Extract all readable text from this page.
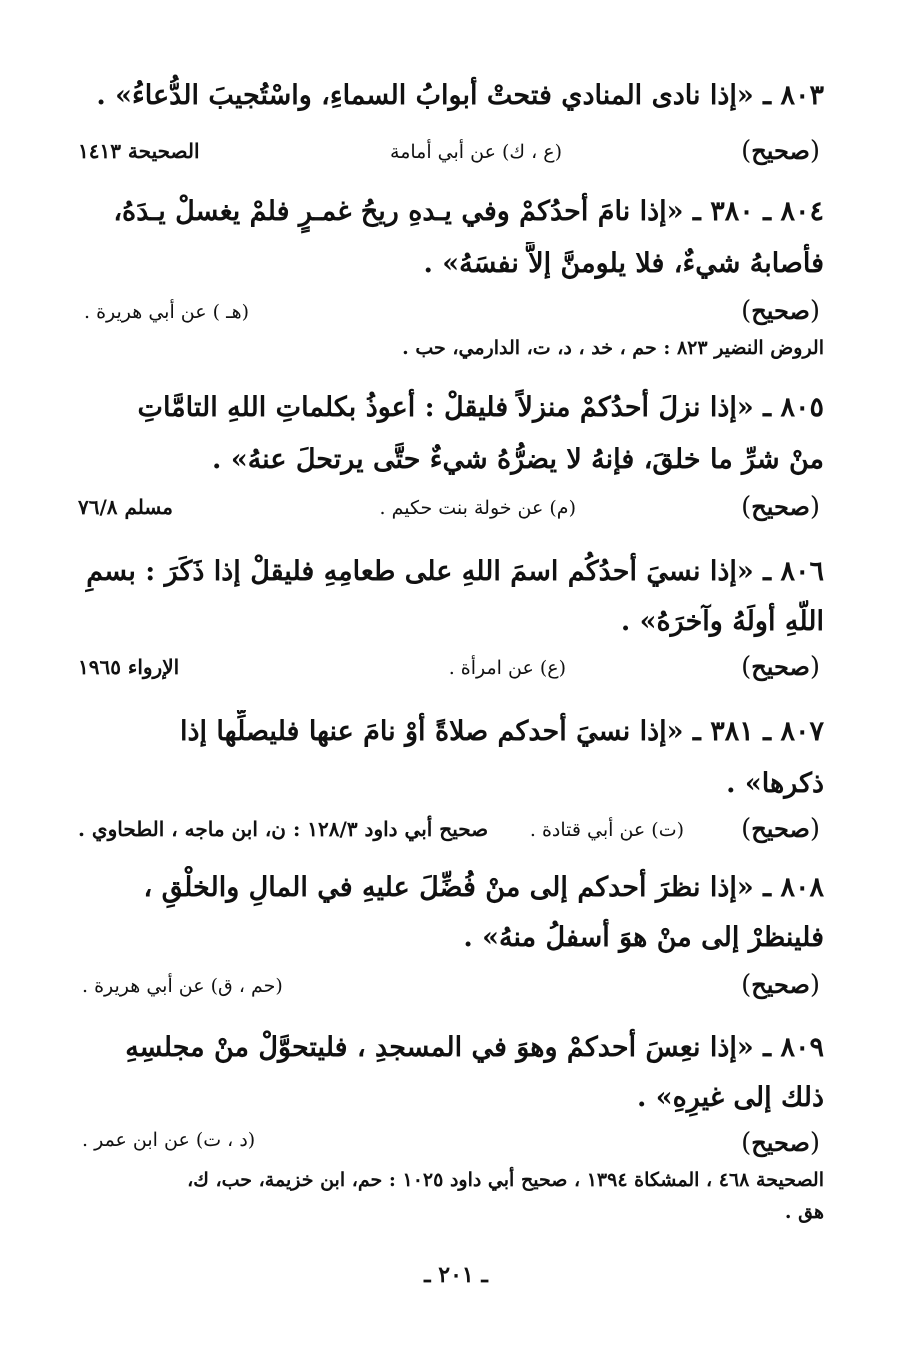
٨٠٣ ـ «إذا نادى المنادي فتحتْ أبوابُ السماءِ، واسْتُجيبَ الدُّعاءُ» .
(صحيح)
(ع ، ك) عن أبي أمامة
الصحيحة ١٤١٣
٨٠٤ ـ ٣٨٠ ـ «إذا نامَ أحدُكمْ وفي يـدهِ ريحُ غمـرٍ فلمْ يغسلْ يـدَهُ،
فأصابهُ شيءٌ، فلا يلومنَّ إلاَّ نفسَهُ» .
(صحيح)
(هـ ) عن أبي هريرة .
الروض النضير ٨٢٣ : حم ، خد ، د، ت، الدارمي، حب .
٨٠٥ ـ «إذا نزلَ أحدُكمْ منزلاً فليقلْ : أعوذُ بكلماتِ اللهِ التامَّاتِ
منْ شرِّ ما خلقَ، فإنهُ لا يضرُّهُ شيءٌ حتَّى يرتحلَ عنهُ» .
(صحيح)
(م) عن خولة بنت حكيم .
مسلم ٧٦/٨
٨٠٦ ـ «إذا نسيَ أحدُكُم اسمَ اللهِ على طعامِهِ فليقلْ إذا ذَكَرَ : بسمِ
اللّهِ أولَهُ وآخرَهُ» .
(صحيح)
(ع) عن امرأة .
الإرواء ١٩٦٥
٨٠٧ ـ ٣٨١ ـ «إذا نسيَ أحدكم صلاةً أوْ نامَ عنها فليصلِّها إذا
ذكرها» .
(صحيح)
(ت) عن أبي قتادة .
صحيح أبي داود ١٢٨/٣ : ن، ابن ماجه ، الطحاوي .
٨٠٨ ـ «إذا نظرَ أحدكم إلى منْ فُضِّلَ عليهِ في المالِ والخلْقِ ،
فلينظرْ إلى منْ هوَ أسفلُ منهُ» .
(صحيح)
(حم ، ق) عن أبي هريرة .
٨٠٩ ـ «إذا نعِسَ أحدكمْ وهوَ في المسجدِ ، فليتحوَّلْ منْ مجلسِهِ
ذلك إلى غيرِهِ» .
(صحيح)
(د ، ت) عن ابن عمر .
الصحيحة ٤٦٨ ، المشكاة ١٣٩٤ ، صحيح أبي داود ١٠٢٥ : حم، ابن خزيمة، حب، ك،
هق .
ـ ٢٠١ ـ
